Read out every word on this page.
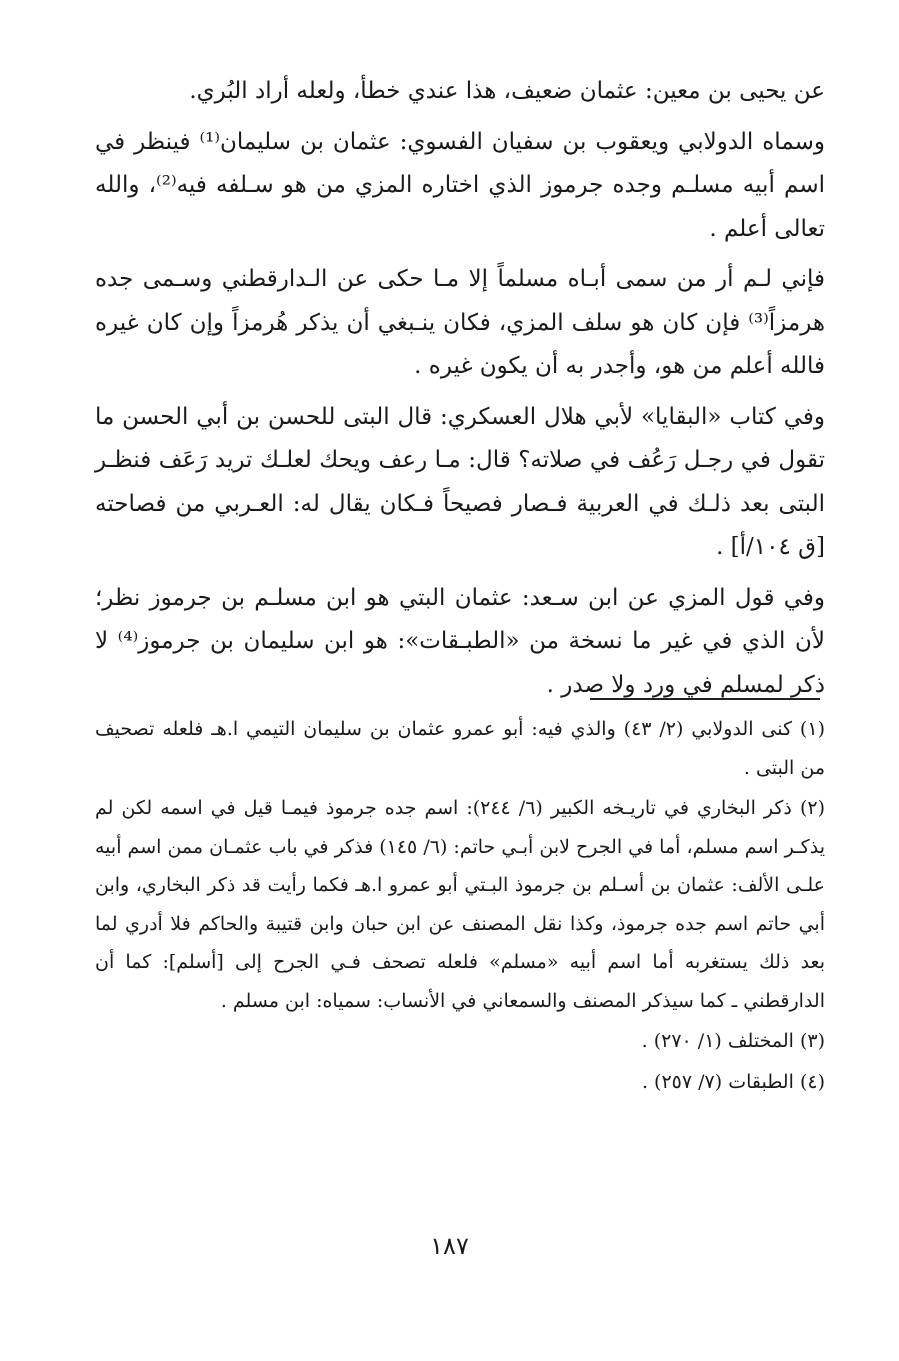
عن يحيى بن معين: عثمان ضعيف، هذا عندي خطأ، ولعله أراد البُري.

وسماه الدولابي ويعقوب بن سفيان الفسوي: عثمان بن سليمان⁽¹⁾ فينظر في اسم أبيه مسلـم وجده جرموز الذي اختاره المزي من هو سـلفه فيه⁽²⁾، والله تعالى أعلم .

فإني لـم أر من سمى أبـاه مسلماً إلا مـا حكى عن الـدارقطني وسـمى جده هرمزاً⁽³⁾ فإن كان هو سلف المزي، فكان ينـبغي أن يذكر هُرمزاً وإن كان غيره فالله أعلم من هو، وأجدر به أن يكون غيره .

وفي كتاب «البقايا» لأبي هلال العسكري: قال البتى للحسن بن أبي الحسن ما تقول في رجـل رَعُف في صلاته؟ قال: مـا رعف ويحك لعلـك تريد رَعَف فنظـر البتى بعد ذلـك في العربية فـصار فصيحاً فـكان يقال له: العـربي من فصاحته [ق ١٠٤/أ] .

وفي قول المزي عن ابن سـعد: عثمان البتي هو ابن مسلـم بن جرموز نظر؛ لأن الذي في غير ما نسخة من «الطبـقات»: هو ابن سليمان بن جرموز⁽⁴⁾ لا ذكر لمسلم في ورد ولا صدر .

(١) كنى الدولابي (٢/ ٤٣) والذي فيه: أبو عمرو عثمان بن سليمان التيمي ا.هـ فلعله تصحيف من البتى .

(٢) ذكر البخاري في تاريـخه الكبير (٦/ ٢٤٤): اسم جده جرموذ فيمـا قيل في اسمه لكن لم يذكـر اسم مسلم، أما في الجرح لابن أبـي حاتم: (٦/ ١٤٥) فذكر في باب عثمـان ممن اسم أبيه علـى الألف: عثمان بن أسـلم بن جرموذ البـتي أبو عمرو ا.هـ فكما رأيت قد ذكر البخاري، وابن أبي حاتم اسم جده جرموذ، وكذا نقل المصنف عن ابن حبان وابن قتيبة والحاكم فلا أدري لما بعد ذلك يستغربه أما اسم أبيه «مسلم» فلعله تصحف فـي الجرح إلى [أسلم]: كما أن الدارقطني ـ كما سيذكر المصنف والسمعاني في الأنساب: سمياه: ابن مسلم .

(٣) المختلف (١/ ٢٧٠) .

(٤) الطبقات (٧/ ٢٥٧) .

١٨٧
